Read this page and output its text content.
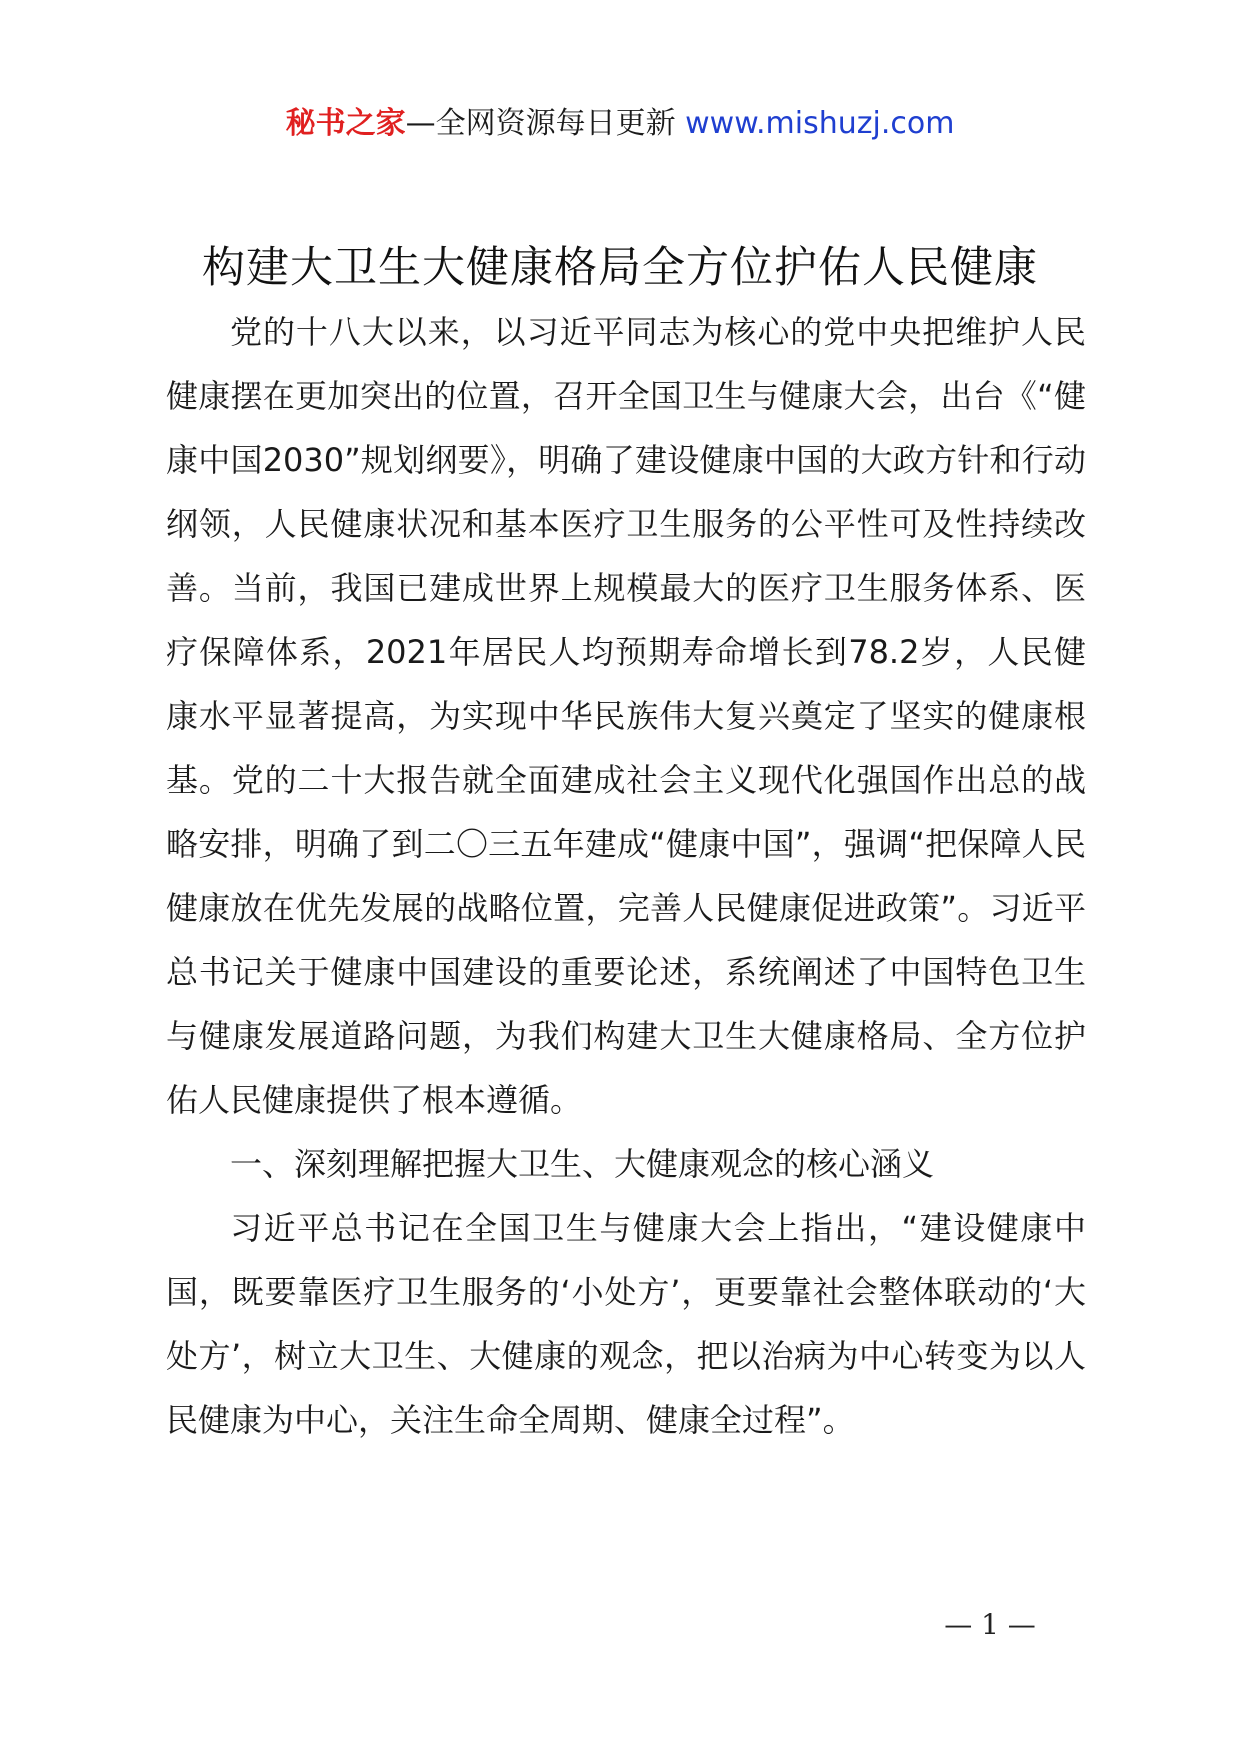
秘书之家—全网资源每日更新 www.mishuzj.com
构建大卫生大健康格局全方位护佑人民健康

党的十八大以来，以习近平同志为核心的党中央把维护人民健康摆在更加突出的位置，召开全国卫生与健康大会，出台《“健康中国2030”规划纲要》，明确了建设健康中国的大政方针和行动纲领，人民健康状况和基本医疗卫生服务的公平性可及性持续改善。当前，我国已建成世界上规模最大的医疗卫生服务体系、医疗保障体系，2021年居民人均预期寿命增长到78.2岁，人民健康水平显著提高，为实现中华民族伟大复兴奠定了坚实的健康根基。党的二十大报告就全面建成社会主义现代化强国作出总的战略安排，明确了到二〇三五年建成“健康中国”，强调“把保障人民健康放在优先发展的战略位置，完善人民健康促进政策”。习近平总书记关于健康中国建设的重要论述，系统阐述了中国特色卫生与健康发展道路问题，为我们构建大卫生大健康格局、全方位护佑人民健康提供了根本遵循。

一、深刻理解把握大卫生、大健康观念的核心涵义

习近平总书记在全国卫生与健康大会上指出，“建设健康中国，既要靠医疗卫生服务的‘小处方’，更要靠社会整体联动的‘大处方’，树立大卫生、大健康的观念，把以治病为中心转变为以人民健康为中心，关注生命全周期、健康全过程”。

— 1 —
